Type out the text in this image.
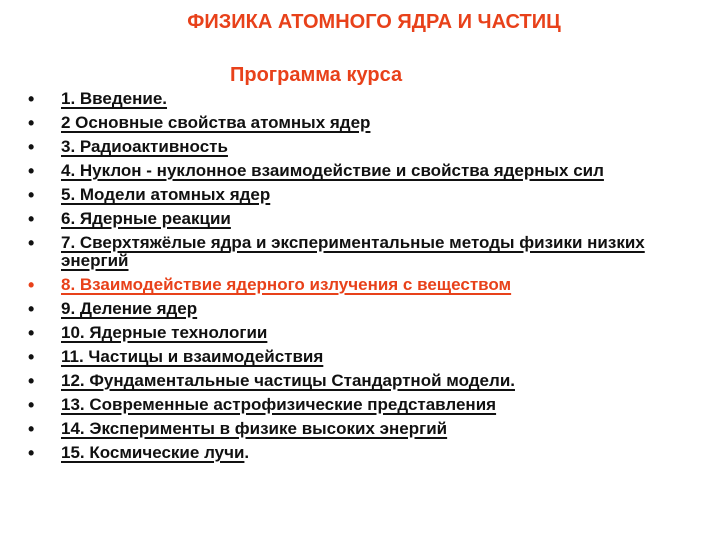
ФИЗИКА АТОМНОГО ЯДРА И ЧАСТИЦ
Программа курса
• 1. Введение.
• 2 Основные свойства атомных ядер
• 3. Радиоактивность
• 4. Нуклон - нуклонное взаимодействие и свойства ядерных сил
• 5. Модели атомных ядер
• 6. Ядерные реакции
• 7. Сверхтяжёлые ядра и экспериментальные методы физики низких энергий
• 8. Взаимодействие ядерного излучения с веществом
• 9. Деление ядер
• 10. Ядерные технологии
• 11. Частицы и взаимодействия
• 12. Фундаментальные частицы Стандартной модели.
• 13. Современные астрофизические представления
• 14. Эксперименты в физике высоких энергий
• 15. Космические лучи.
